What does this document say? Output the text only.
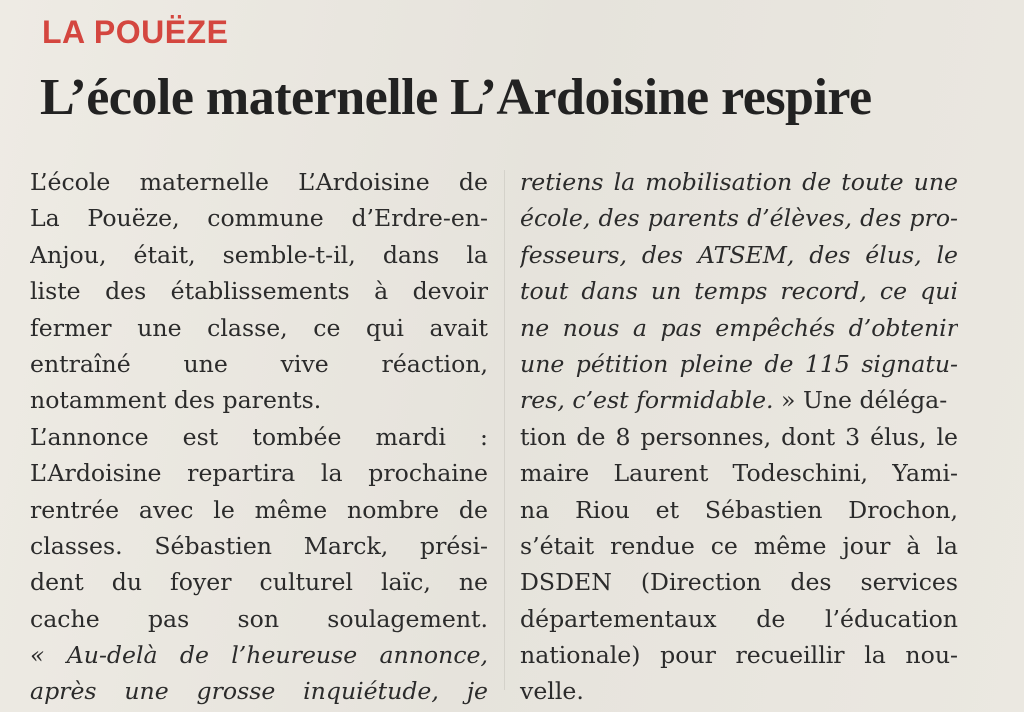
LA POUËZE
L’école maternelle L’Ardoisine respire
L’école maternelle L’Ardoisine de
La Pouëze, commune d’Erdre-en-
Anjou, était, semble-t-il, dans la
liste des établissements à devoir
fermer une classe, ce qui avait
entraîné une vive réaction,
notamment des parents.
L’annonce est tombée mardi :
L’Ardoisine repartira la prochaine
rentrée avec le même nombre de
classes. Sébastien Marck, prési-
dent du foyer culturel laïc, ne
cache pas son soulagement.
« Au-delà de l’heureuse annonce,
après une grosse inquiétude, je
retiens la mobilisation de toute une
école, des parents d’élèves, des pro-
fesseurs, des ATSEM, des élus, le
tout dans un temps record, ce qui
ne nous a pas empêchés d’obtenir
une pétition pleine de 115 signatu-
res, c’est formidable. » Une déléga-
tion de 8 personnes, dont 3 élus, le
maire Laurent Todeschini, Yami-
na Riou et Sébastien Drochon,
s’était rendue ce même jour à la
DSDEN (Direction des services
départementaux de l’éducation
nationale) pour recueillir la nou-
velle.
